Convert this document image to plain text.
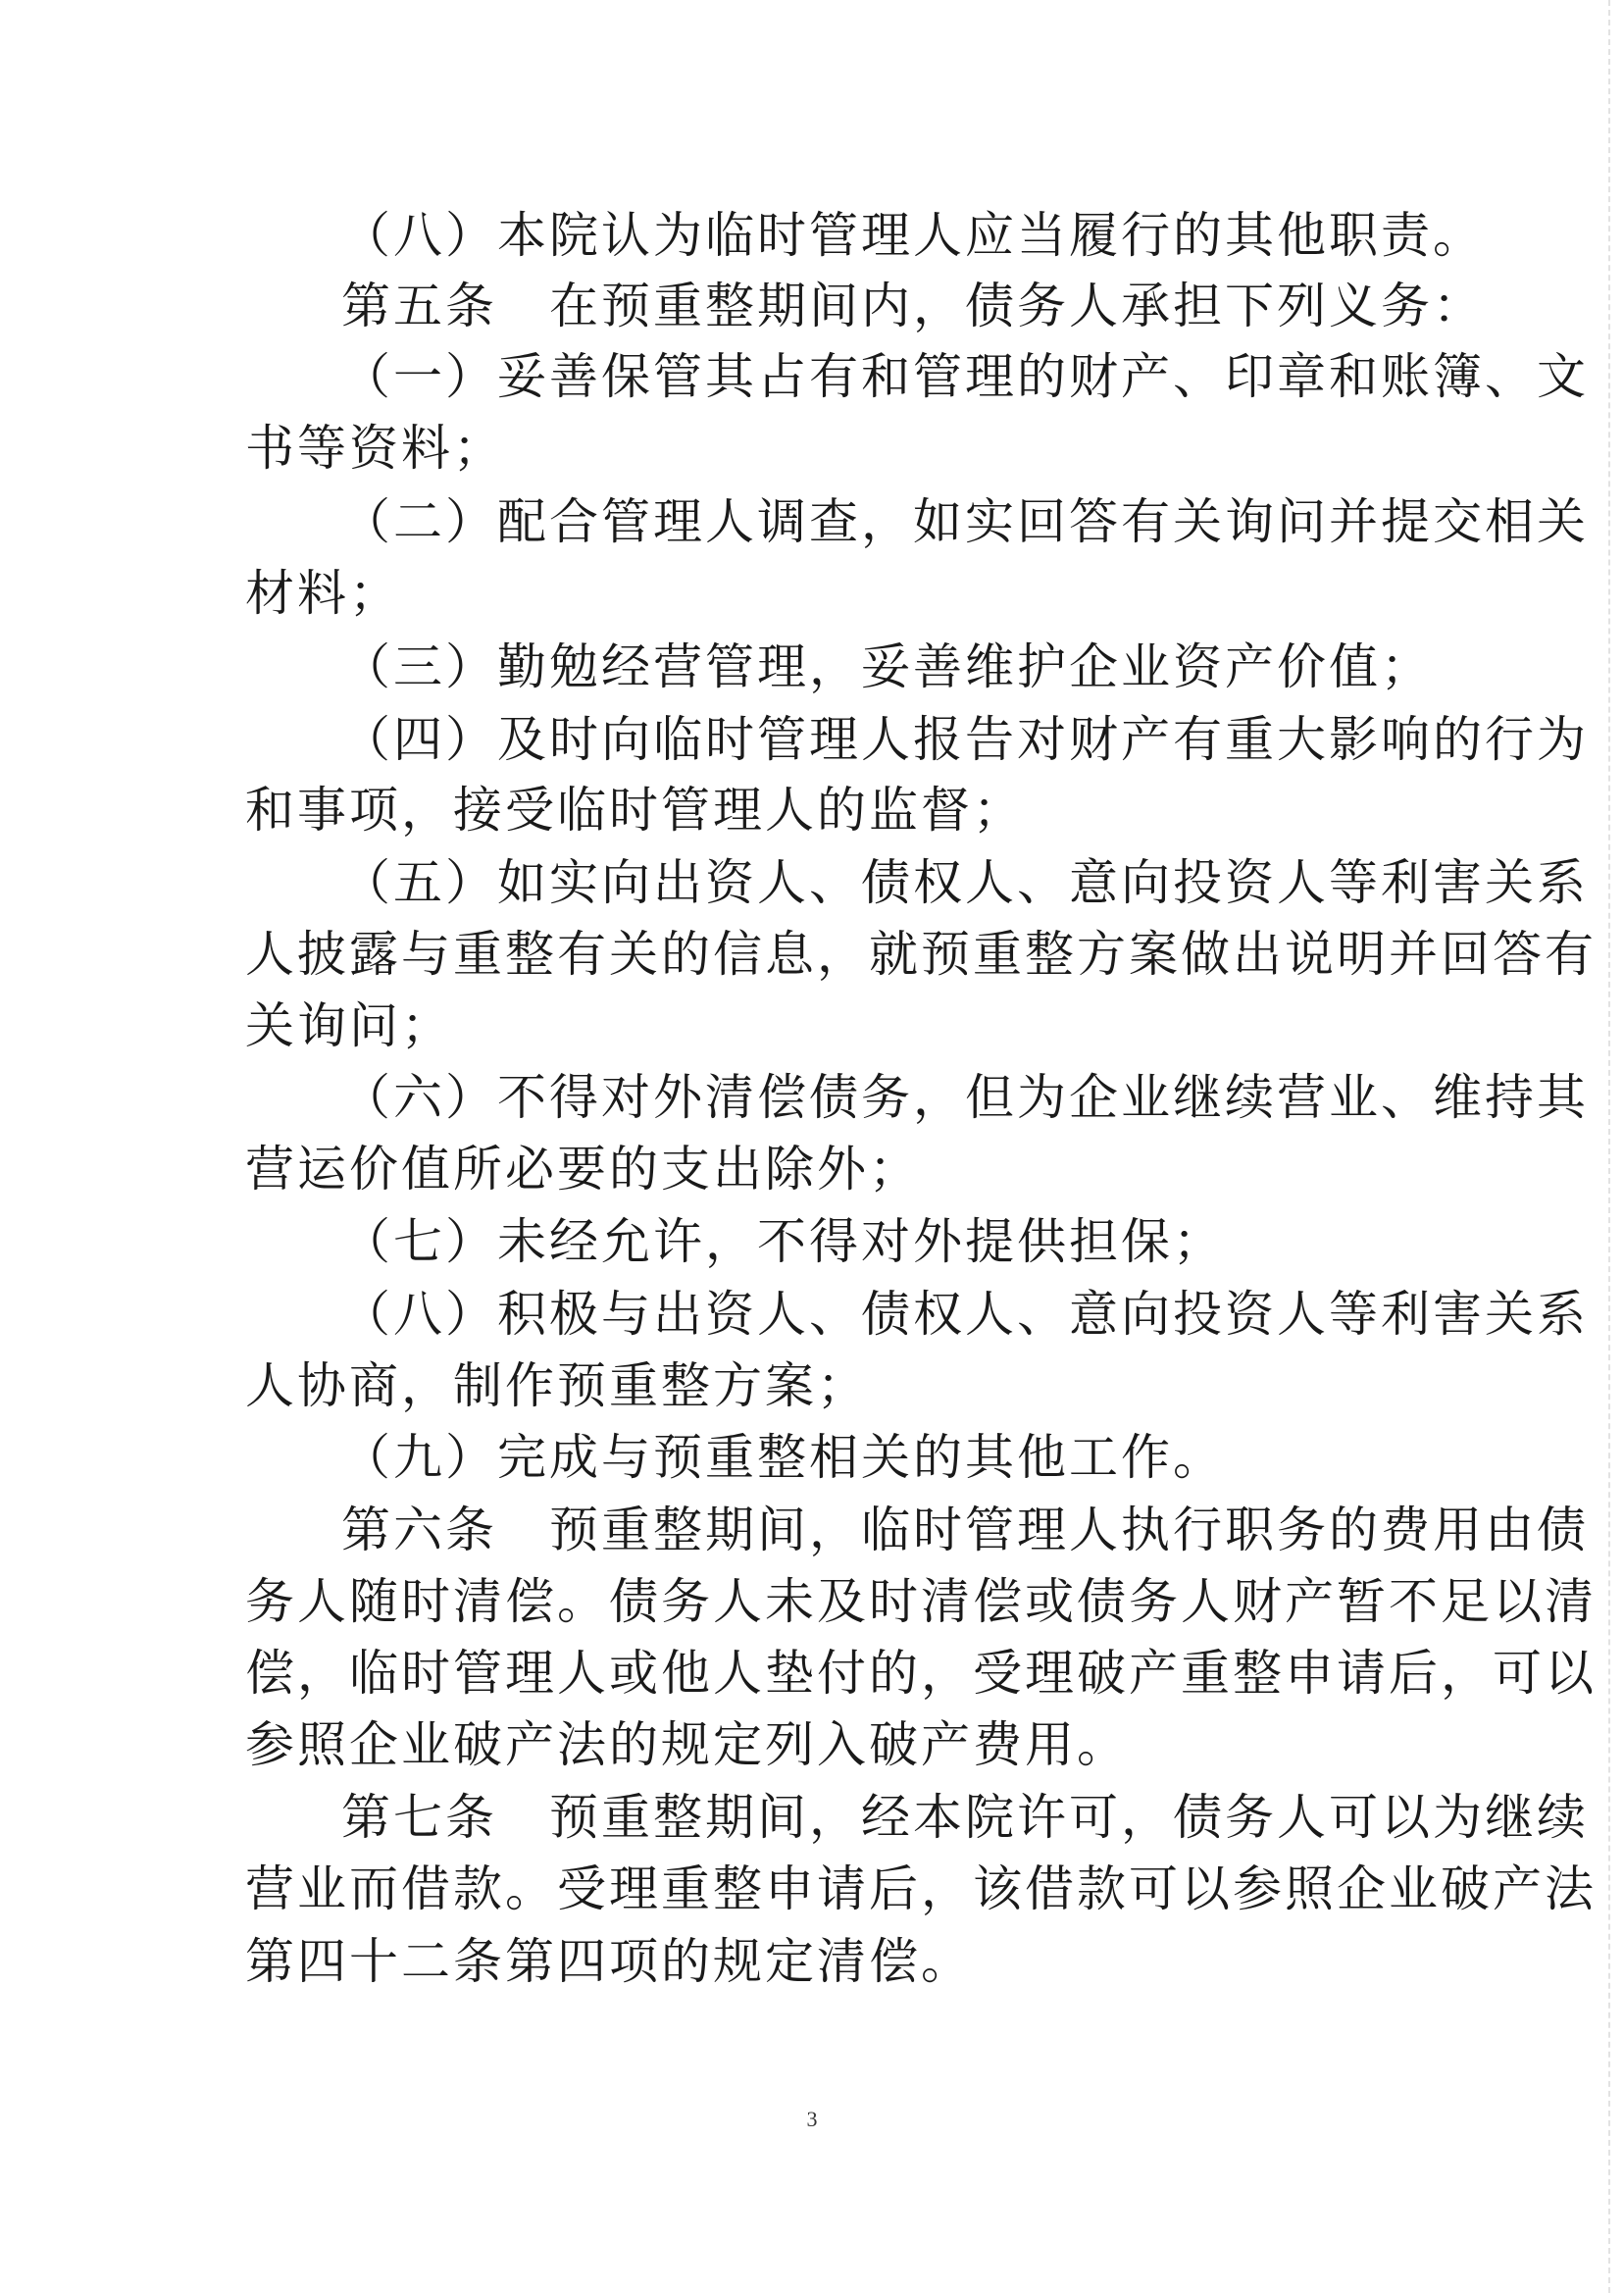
（八）本院认为临时管理人应当履行的其他职责。
第五条　在预重整期间内，债务人承担下列义务：
（一）妥善保管其占有和管理的财产、印章和账簿、文
书等资料；
（二）配合管理人调查，如实回答有关询问并提交相关
材料；
（三）勤勉经营管理，妥善维护企业资产价值；
（四）及时向临时管理人报告对财产有重大影响的行为
和事项，接受临时管理人的监督；
（五）如实向出资人、债权人、意向投资人等利害关系
人披露与重整有关的信息，就预重整方案做出说明并回答有
关询问；
（六）不得对外清偿债务，但为企业继续营业、维持其
营运价值所必要的支出除外；
（七）未经允许，不得对外提供担保；
（八）积极与出资人、债权人、意向投资人等利害关系
人协商，制作预重整方案；
（九）完成与预重整相关的其他工作。
第六条　预重整期间，临时管理人执行职务的费用由债
务人随时清偿。债务人未及时清偿或债务人财产暂不足以清
偿，临时管理人或他人垫付的，受理破产重整申请后，可以
参照企业破产法的规定列入破产费用。
第七条　预重整期间，经本院许可，债务人可以为继续
营业而借款。受理重整申请后，该借款可以参照企业破产法
第四十二条第四项的规定清偿。
3
